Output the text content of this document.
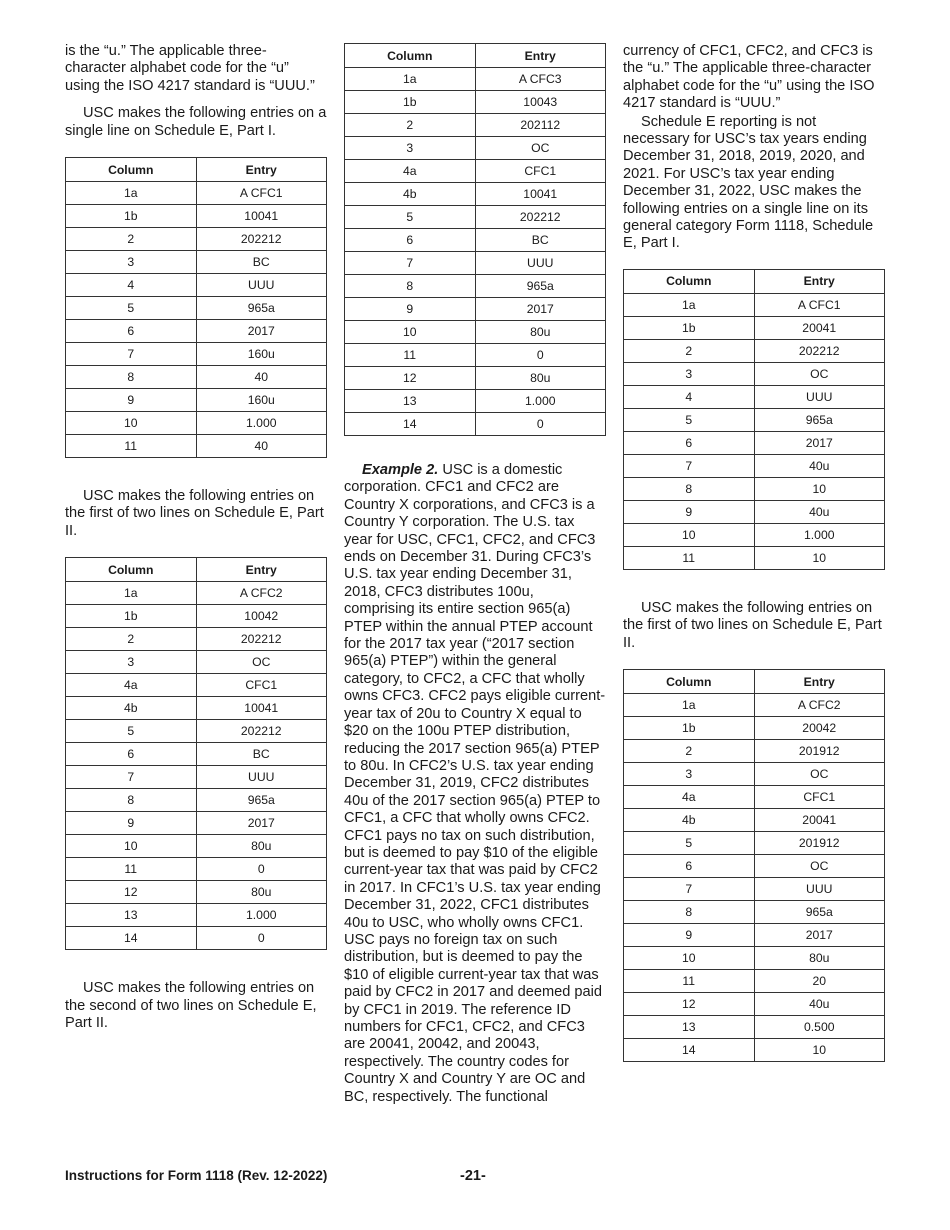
is the “u.” The applicable three-character alphabet code for the “u” using the ISO 4217 standard is “UUU.”

USC makes the following entries on a single line on Schedule E, Part I.

Column	Entry
1a	A CFC1
1b	10041
2	202212
3	BC
4	UUU
5	965a
6	2017
7	160u
8	40
9	160u
10	1.000
11	40

USC makes the following entries on the first of two lines on Schedule E, Part II.

Column	Entry
1a	A CFC2
1b	10042
2	202212
3	OC
4a	CFC1
4b	10041
5	202212
6	BC
7	UUU
8	965a
9	2017
10	80u
11	0
12	80u
13	1.000
14	0

USC makes the following entries on the second of two lines on Schedule E, Part II.

Column	Entry
1a	A CFC3
1b	10043
2	202112
3	OC
4a	CFC1
4b	10041
5	202212
6	BC
7	UUU
8	965a
9	2017
10	80u
11	0
12	80u
13	1.000
14	0

Example 2. USC is a domestic corporation. CFC1 and CFC2 are Country X corporations, and CFC3 is a Country Y corporation. The U.S. tax year for USC, CFC1, CFC2, and CFC3 ends on December 31. During CFC3’s U.S. tax year ending December 31, 2018, CFC3 distributes 100u, comprising its entire section 965(a) PTEP within the annual PTEP account for the 2017 tax year (“2017 section 965(a) PTEP”) within the general category, to CFC2, a CFC that wholly owns CFC3. CFC2 pays eligible current-year tax of 20u to Country X equal to $20 on the 100u PTEP distribution, reducing the 2017 section 965(a) PTEP to 80u. In CFC2’s U.S. tax year ending December 31, 2019, CFC2 distributes 40u of the 2017 section 965(a) PTEP to CFC1, a CFC that wholly owns CFC2. CFC1 pays no tax on such distribution, but is deemed to pay $10 of the eligible current-year tax that was paid by CFC2 in 2017. In CFC1’s U.S. tax year ending December 31, 2022, CFC1 distributes 40u to USC, who wholly owns CFC1. USC pays no foreign tax on such distribution, but is deemed to pay the $10 of eligible current-year tax that was paid by CFC2 in 2017 and deemed paid by CFC1 in 2019. The reference ID numbers for CFC1, CFC2, and CFC3 are 20041, 20042, and 20043, respectively. The country codes for Country X and Country Y are OC and BC, respectively. The functional

currency of CFC1, CFC2, and CFC3 is the “u.” The applicable three-character alphabet code for the “u” using the ISO 4217 standard is “UUU.”

Schedule E reporting is not necessary for USC’s tax years ending December 31, 2018, 2019, 2020, and 2021. For USC’s tax year ending December 31, 2022, USC makes the following entries on a single line on its general category Form 1118, Schedule E, Part I.

Column	Entry
1a	A CFC1
1b	20041
2	202212
3	OC
4	UUU
5	965a
6	2017
7	40u
8	10
9	40u
10	1.000
11	10

USC makes the following entries on the first of two lines on Schedule E, Part II.

Column	Entry
1a	A CFC2
1b	20042
2	201912
3	OC
4a	CFC1
4b	20041
5	201912
6	OC
7	UUU
8	965a
9	2017
10	80u
11	20
12	40u
13	0.500
14	10
Instructions for Form 1118 (Rev. 12-2022)	-21-
